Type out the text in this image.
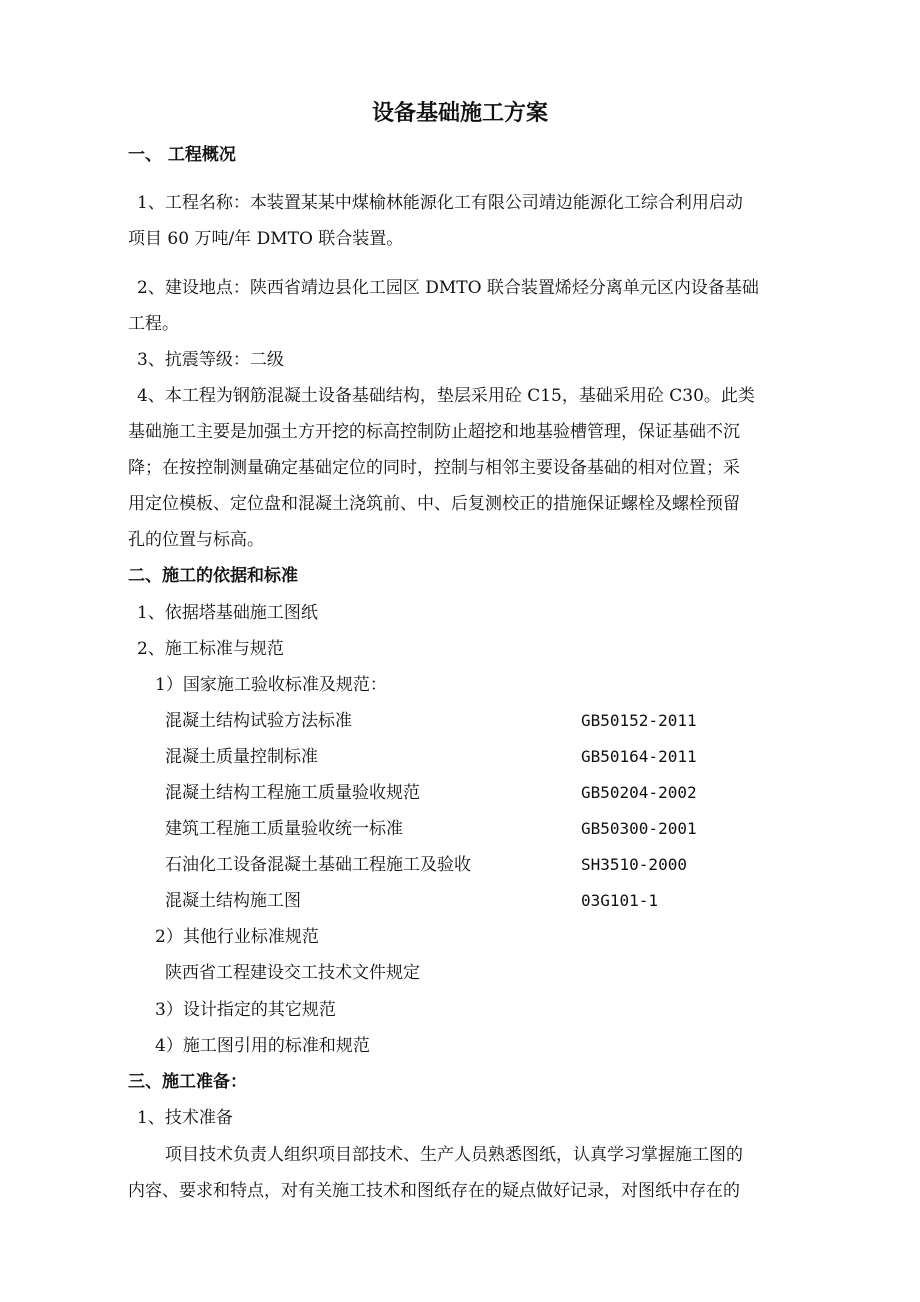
设备基础施工方案
一、 工程概况
1、工程名称：本装置某某中煤榆林能源化工有限公司靖边能源化工综合利用启动
项目 60 万吨/年 DMTO 联合装置。
2、建设地点：陕西省靖边县化工园区 DMTO 联合装置烯烃分离单元区内设备基础
工程。
3、抗震等级：二级
4、本工程为钢筋混凝土设备基础结构，垫层采用砼 C15，基础采用砼 C30。此类
基础施工主要是加强土方开挖的标高控制防止超挖和地基验槽管理，保证基础不沉
降；在按控制测量确定基础定位的同时，控制与相邻主要设备基础的相对位置；采
用定位模板、定位盘和混凝土浇筑前、中、后复测校正的措施保证螺栓及螺栓预留
孔的位置与标高。
二、施工的依据和标准
1、依据塔基础施工图纸
2、施工标准与规范
1）国家施工验收标准及规范：
混凝土结构试验方法标准	GB50152-2011
混凝土质量控制标准	GB50164-2011
混凝土结构工程施工质量验收规范	GB50204-2002
建筑工程施工质量验收统一标准	GB50300-2001
石油化工设备混凝土基础工程施工及验收	SH3510-2000
混凝土结构施工图	03G101-1
2）其他行业标准规范
陕西省工程建设交工技术文件规定
3）设计指定的其它规范
4）施工图引用的标准和规范
三、施工准备：
1、技术准备
项目技术负责人组织项目部技术、生产人员熟悉图纸，认真学习掌握施工图的
内容、要求和特点，对有关施工技术和图纸存在的疑点做好记录，对图纸中存在的
